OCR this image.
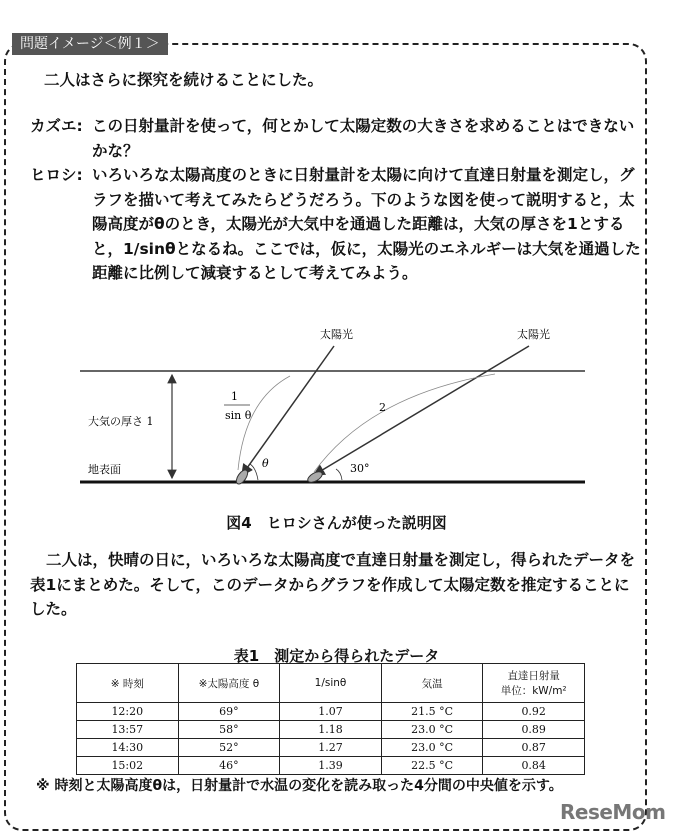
問題イメージ＜例１＞
二人はさらに探究を続けることにした。
カズエ: この日射量計を使って，何とかして太陽定数の大きさを求めることはできないかな？
ヒロシ: いろいろな太陽高度のときに日射量計を太陽に向けて直達日射量を測定し，グラフを描いて考えてみたらどうだろう。下のような図を使って説明すると，太陽高度がθのとき，太陽光が大気中を通過した距離は，大気の厚さを1とすると，1/sinθとなるね。ここでは，仮に，太陽光のエネルギーは大気を通過した距離に比例して減衰するとして考えてみよう。
大気の厚さ 1
地表面
太陽光	太陽光
1
sin θ
2
θ	30°
図4　ヒロシさんが使った説明図
二人は，快晴の日に，いろいろな太陽高度で直達日射量を測定し，得られたデータを表1にまとめた。そして，このデータからグラフを作成して太陽定数を推定することにした。
表1　測定から得られたデータ
※ 時刻	※太陽高度 θ	1/sinθ	気温	直達日射量
単位：kW/m²
12:20	69°	1.07	21.5 °C	0.92
13:57	58°	1.18	23.0 °C	0.89
14:30	52°	1.27	23.0 °C	0.87
15:02	46°	1.39	22.5 °C	0.84
※ 時刻と太陽高度θは，日射量計で水温の変化を読み取った4分間の中央値を示す。
ReseMom
